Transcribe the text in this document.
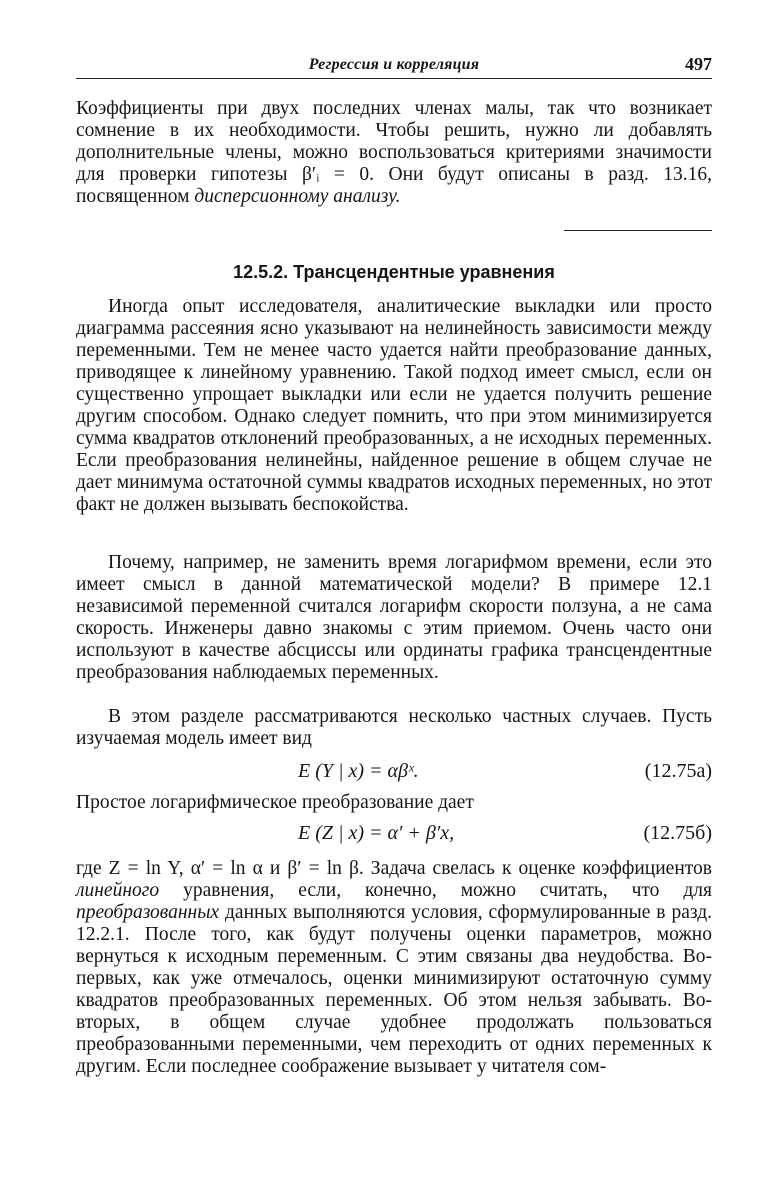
Регрессия и корреляция	497

Коэффициенты при двух последних членах малы, так что возникает сомнение в их необходимости. Чтобы решить, нужно ли добавлять дополнительные члены, можно воспользоваться критериями значимости для проверки гипотезы β′ᵢ = 0. Они будут описаны в разд. 13.16, посвященном дисперсионному анализу.

12.5.2. Трансцендентные уравнения

Иногда опыт исследователя, аналитические выкладки или просто диаграмма рассеяния ясно указывают на нелинейность зависимости между переменными. Тем не менее часто удается найти преобразование данных, приводящее к линейному уравнению. Такой подход имеет смысл, если он существенно упрощает выкладки или если не удается получить решение другим способом. Однако следует помнить, что при этом минимизируется сумма квадратов отклонений преобразованных, а не исходных переменных. Если преобразования нелинейны, найденное решение в общем случае не дает минимума остаточной суммы квадратов исходных переменных, но этот факт не должен вызывать беспокойства.

Почему, например, не заменить время логарифмом времени, если это имеет смысл в данной математической модели? В примере 12.1 независимой переменной считался логарифм скорости ползуна, а не сама скорость. Инженеры давно знакомы с этим приемом. Очень часто они используют в качестве абсциссы или ординаты графика трансцендентные преобразования наблюдаемых переменных.

В этом разделе рассматриваются несколько частных случаев. Пусть изучаемая модель имеет вид

E (Y | x) = αβˣ.	(12.75а)

Простое логарифмическое преобразование дает

E (Z | x) = α′ + β′x,	(12.75б)

где Z = ln Y, α′ = ln α и β′ = ln β. Задача свелась к оценке коэффициентов линейного уравнения, если, конечно, можно считать, что для преобразованных данных выполняются условия, сформулированные в разд. 12.2.1. После того, как будут получены оценки параметров, можно вернуться к исходным переменным. С этим связаны два неудобства. Во-первых, как уже отмечалось, оценки минимизируют остаточную сумму квадратов преобразованных переменных. Об этом нельзя забывать. Во-вторых, в общем случае удобнее продолжать пользоваться преобразованными переменными, чем переходить от одних переменных к другим. Если последнее соображение вызывает у читателя сом-
